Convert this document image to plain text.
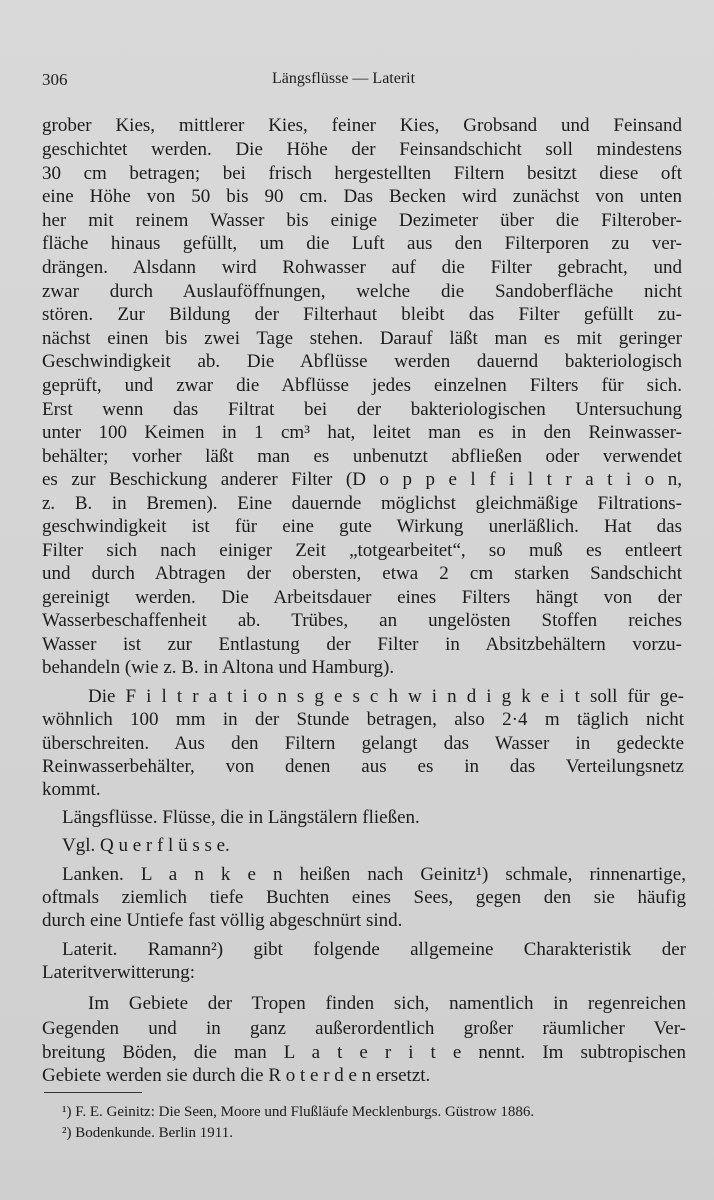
306	Längsflüsse — Laterit
grober Kies, mittlerer Kies, feiner Kies, Grobsand und Feinsand
geschichtet werden. Die Höhe der Feinsandschicht soll mindestens
30 cm betragen; bei frisch hergestellten Filtern besitzt diese oft
eine Höhe von 50 bis 90 cm. Das Becken wird zunächst von unten
her mit reinem Wasser bis einige Dezimeter über die Filterober-
fläche hinaus gefüllt, um die Luft aus den Filterporen zu ver-
drängen. Alsdann wird Rohwasser auf die Filter gebracht, und
zwar durch Auslauföffnungen, welche die Sandoberfläche nicht
stören. Zur Bildung der Filterhaut bleibt das Filter gefüllt zu-
nächst einen bis zwei Tage stehen. Darauf läßt man es mit geringer
Geschwindigkeit ab. Die Abflüsse werden dauernd bakteriologisch
geprüft, und zwar die Abflüsse jedes einzelnen Filters für sich.
Erst wenn das Filtrat bei der bakteriologischen Untersuchung
unter 100 Keimen in 1 cm³ hat, leitet man es in den Reinwasser-
behälter; vorher läßt man es unbenutzt abfließen oder verwendet
es zur Beschickung anderer Filter (D o p p e l f i l t r a t i o n,
z. B. in Bremen). Eine dauernde möglichst gleichmäßige Filtrations-
geschwindigkeit ist für eine gute Wirkung unerläßlich. Hat das
Filter sich nach einiger Zeit „totgearbeitet“, so muß es entleert
und durch Abtragen der obersten, etwa 2 cm starken Sandschicht
gereinigt werden. Die Arbeitsdauer eines Filters hängt von der
Wasserbeschaffenheit ab. Trübes, an ungelösten Stoffen reiches
Wasser ist zur Entlastung der Filter in Absitzbehältern vorzu-
behandeln (wie z. B. in Altona und Hamburg).
Die F i l t r a t i o n s g e s c h w i n d i g k e i t soll für ge-
wöhnlich 100 mm in der Stunde betragen, also 2·4 m täglich nicht
überschreiten. Aus den Filtern gelangt das Wasser in gedeckte
Reinwasserbehälter, von denen aus es in das Verteilungsnetz
kommt.
Längsflüsse. Flüsse, die in Längstälern fließen.
Vgl. Q u e r f l ü s s e.
Lanken. L a n k e n heißen nach Geinitz¹) schmale, rinnenartige,
oftmals ziemlich tiefe Buchten eines Sees, gegen den sie häufig
durch eine Untiefe fast völlig abgeschnürt sind.
Laterit. Ramann²) gibt folgende allgemeine Charakteristik der
Lateritverwitterung:
Im Gebiete der Tropen finden sich, namentlich in regenreichen
Gegenden und in ganz außerordentlich großer räumlicher Ver-
breitung Böden, die man L a t e r i t e nennt. Im subtropischen
Gebiete werden sie durch die R o t e r d e n ersetzt.
¹) F. E. Geinitz: Die Seen, Moore und Flußläufe Mecklenburgs. Güstrow 1886.
²) Bodenkunde. Berlin 1911.
